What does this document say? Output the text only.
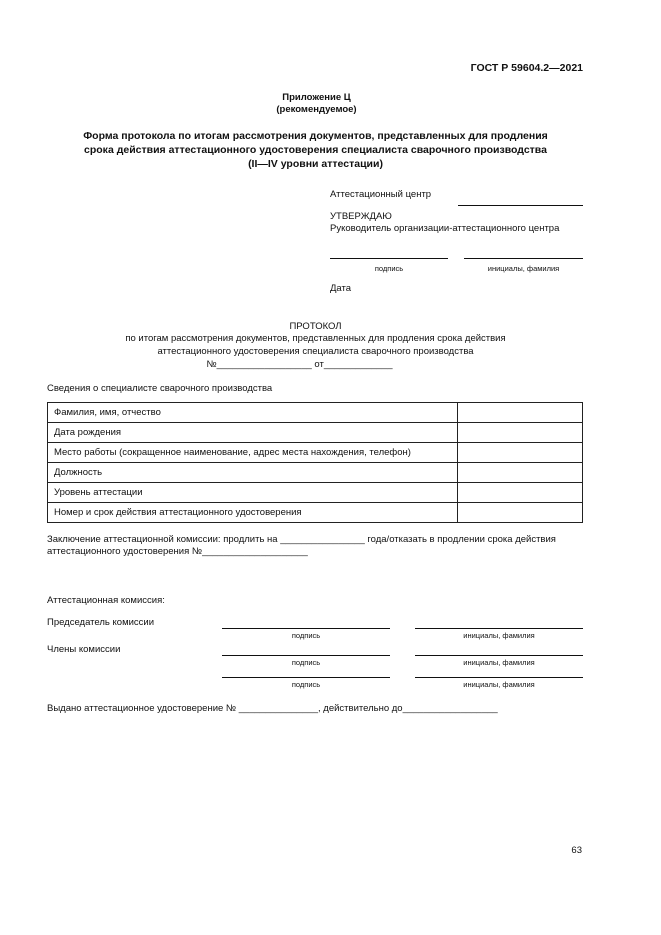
ГОСТ Р 59604.2—2021
Приложение Ц
(рекомендуемое)
Форма протокола по итогам рассмотрения документов, представленных для продления
срока действия аттестационного удостоверения специалиста сварочного производства
(II—IV уровни аттестации)
Аттестационный центр
УТВЕРЖДАЮ
Руководитель организации-аттестационного центра
подпись	инициалы, фамилия
Дата
ПРОТОКОЛ
по итогам рассмотрения документов, представленных для продления срока действия
аттестационного удостоверения специалиста сварочного производства
№__________________ от_____________
Сведения о специалисте сварочного производства
Фамилия, имя, отчество	
Дата рождения	
Место работы (сокращенное наименование, адрес места нахождения, телефон)	
Должность	
Уровень аттестации	
Номер и срок действия аттестационного удостоверения	
Заключение аттестационной комиссии: продлить на ________________ года/отказать в продлении срока действия
аттестационного удостоверения №____________________
Аттестационная комиссия:
Председатель комиссии
подпись	инициалы, фамилия
Члены комиссии
подпись	инициалы, фамилия
подпись	инициалы, фамилия
Выдано аттестационное удостоверение № _______________, действительно до__________________
63
